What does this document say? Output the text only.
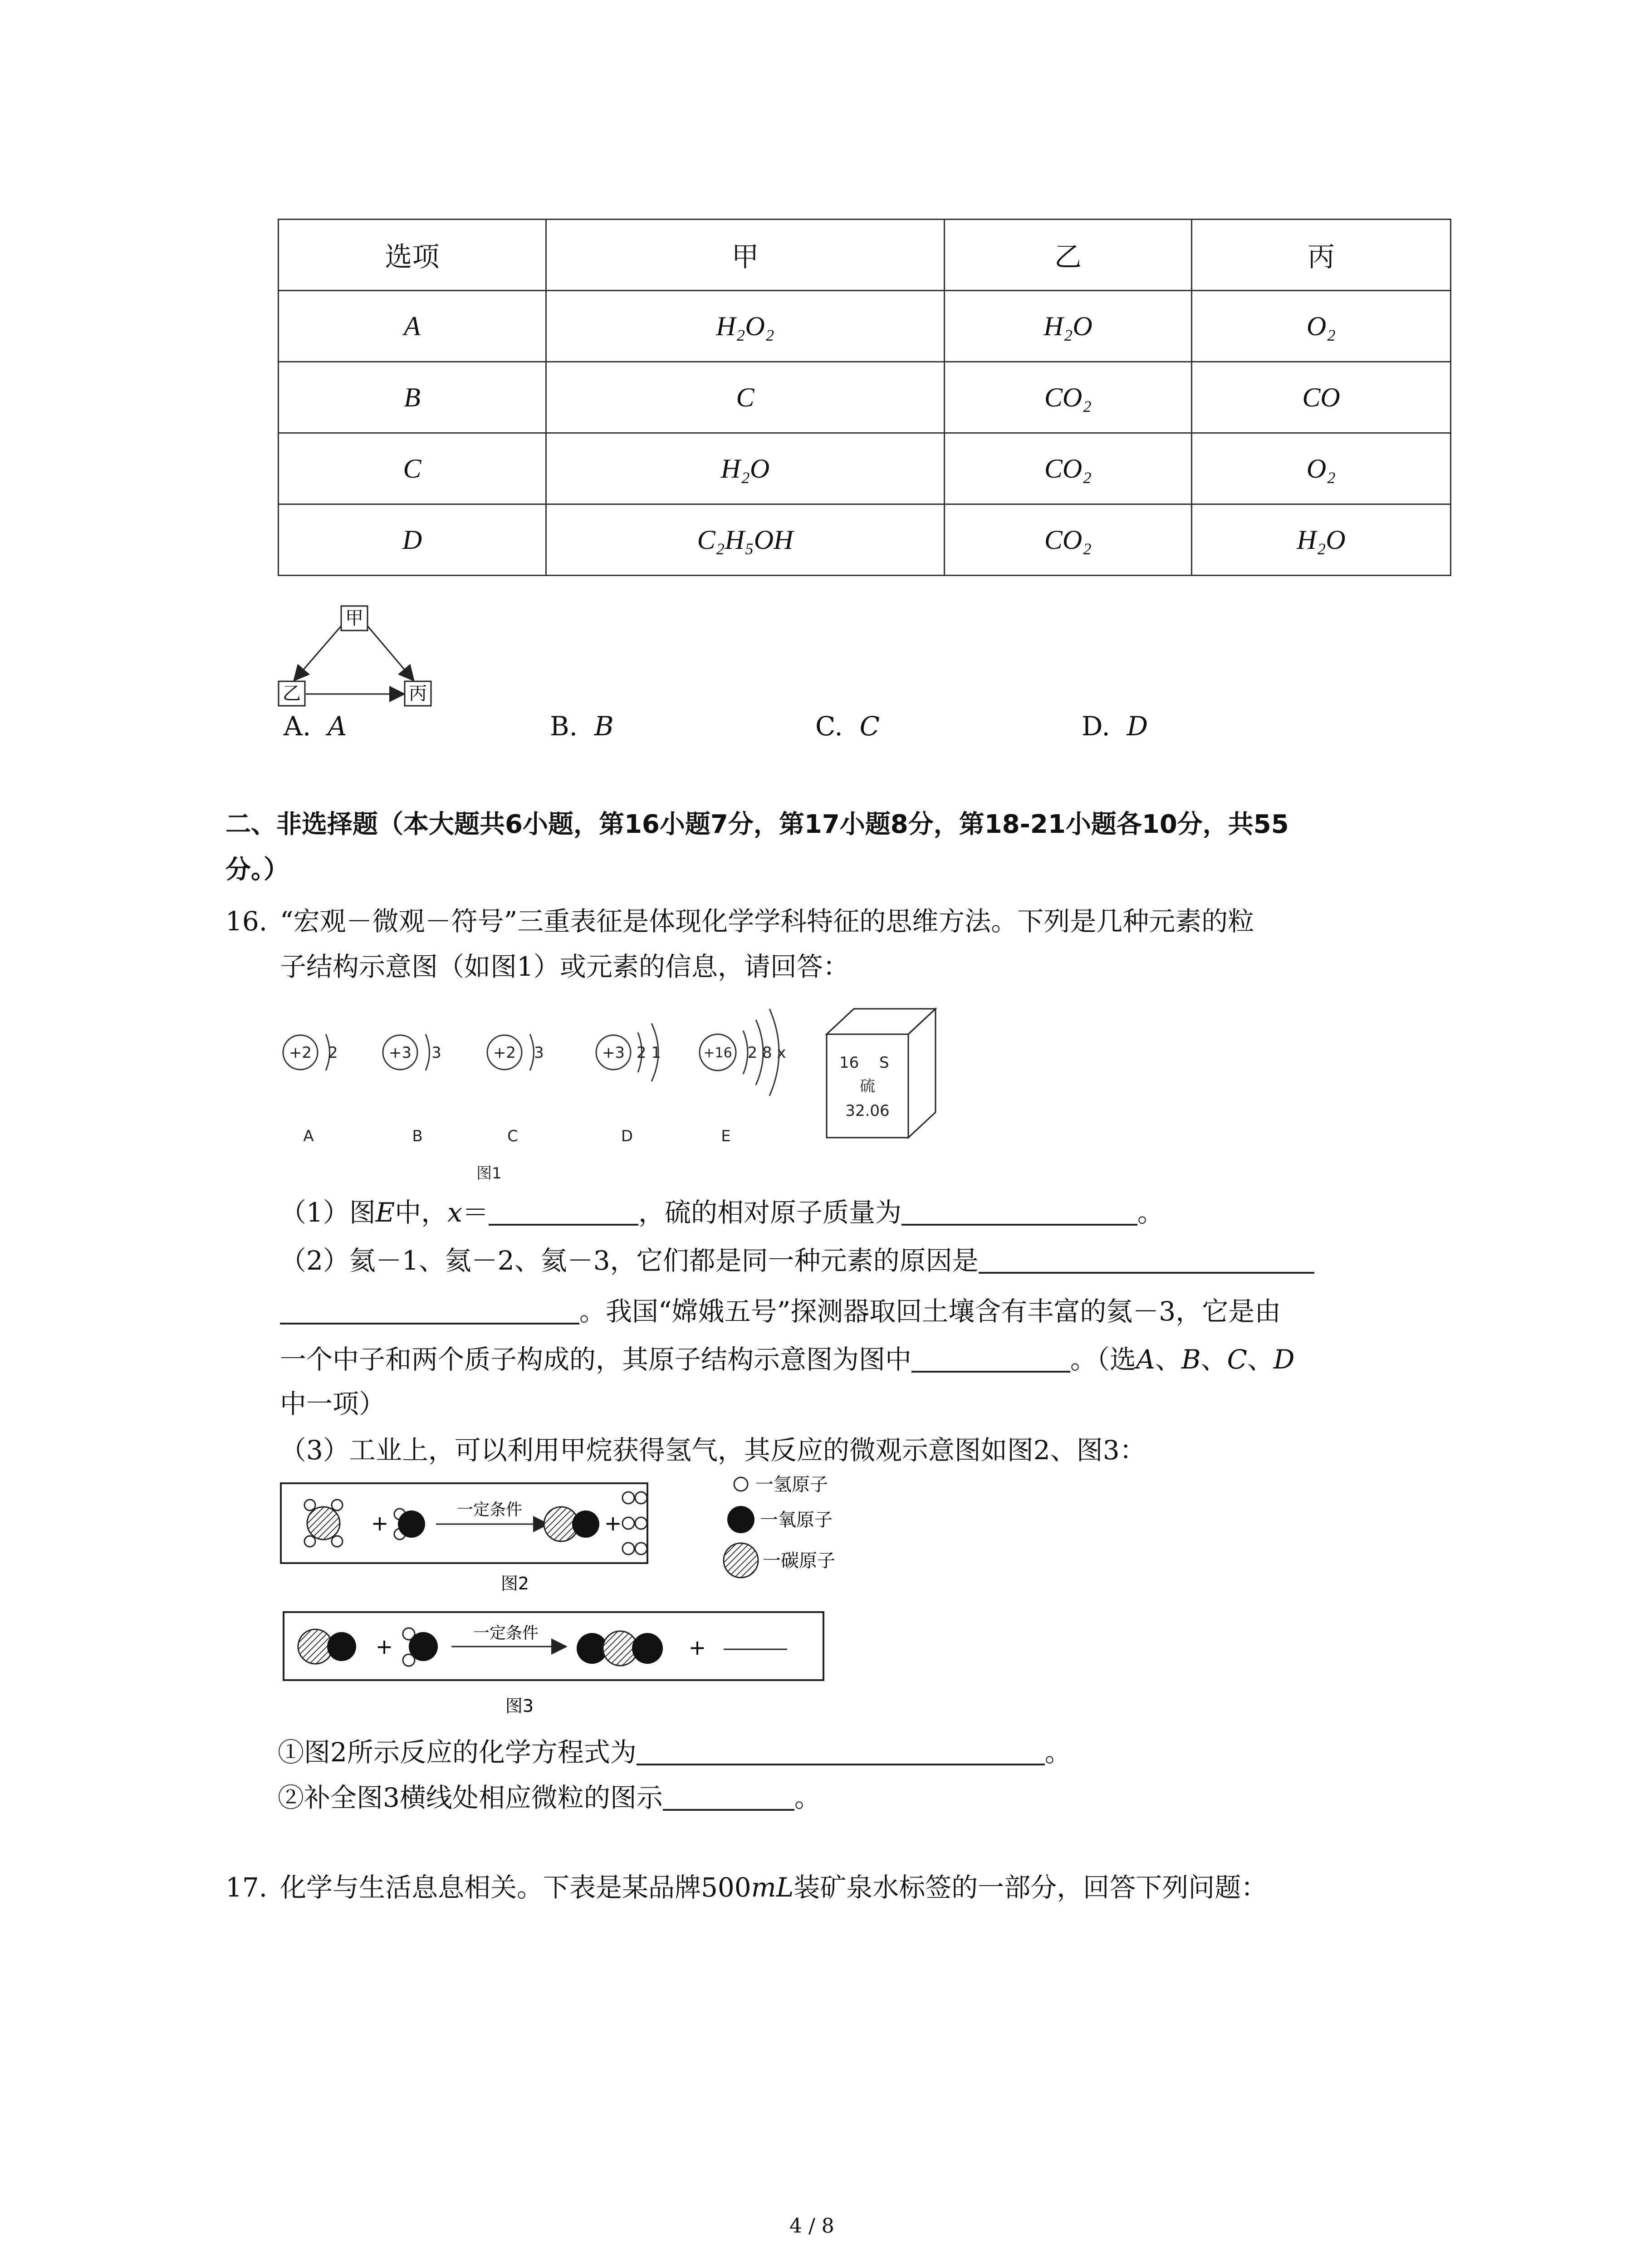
选项	甲	乙	丙
A	H₂O₂	H₂O	O₂
B	C	CO₂	CO
C	H₂O	CO₂	O₂
D	C₂H₅OH	CO₂	H₂O
甲
乙	丙
A. A	B. B	C. C	D. D
二、非选择题（本大题共6小题，第16小题7分，第17小题8分，第18-21小题各10分，共55
分。）
16. “宏观－微观－符号”三重表征是体现化学学科特征的思维方法。下列是几种元素的粒
子结构示意图（如图1）或元素的信息，请回答：
+2 2
A
+3 3
B
+2 3
C
+3 2 1
D
+16 2 8 x
E
16 S
硫
32.06
图1
（1）图E中，x＝	，硫的相对原子质量为	。
（2）氦－1、氦－2、氦－3，它们都是同一种元素的原因是
。我国“嫦娥五号”探测器取回土壤含有丰富的氦－3，它是由
一个中子和两个质子构成的，其原子结构示意图为图中	。（选A、B、C、D
中一项）
（3）工业上，可以利用甲烷获得氢气，其反应的微观示意图如图2、图3：
+
一定条件
+
一氢原子
一氧原子
一碳原子
图2
+
一定条件
+
图3
①图2所示反应的化学方程式为	。
②补全图3横线处相应微粒的图示	。
17. 化学与生活息息相关。下表是某品牌500mL装矿泉水标签的一部分，回答下列问题：
4 / 8
